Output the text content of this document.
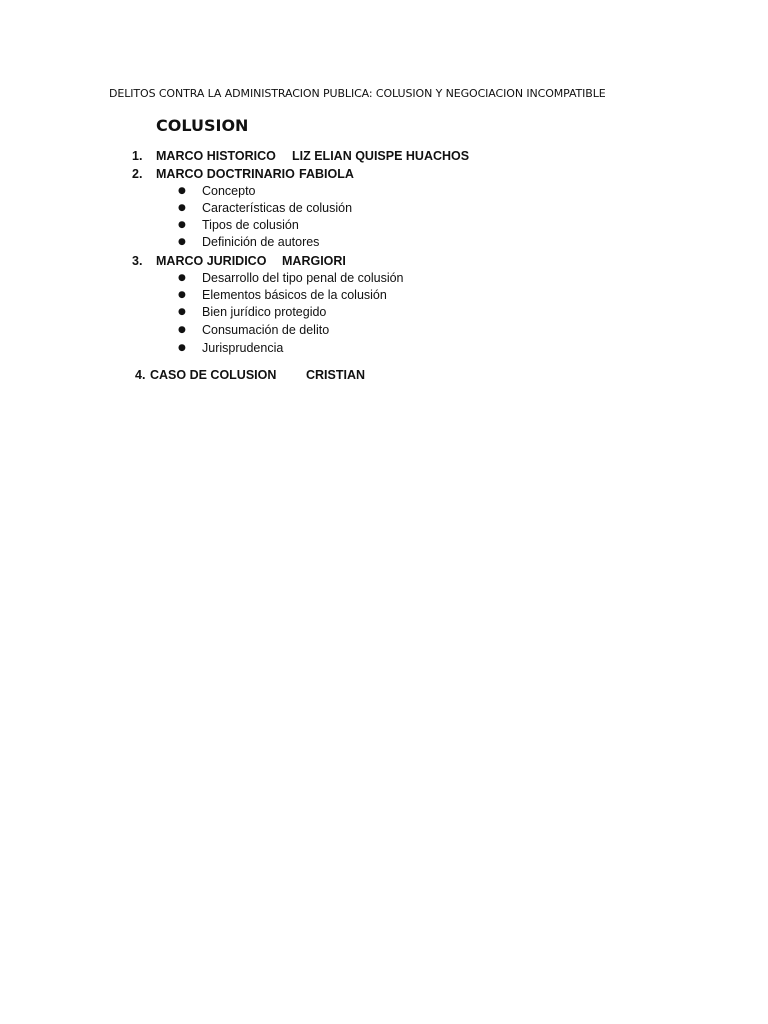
DELITOS CONTRA LA ADMINISTRACION PUBLICA: COLUSION Y NEGOCIACION INCOMPATIBLE
COLUSION
1. MARCO HISTORICO LIZ ELIAN QUISPE HUACHOS
2. MARCO DOCTRINARIO FABIOLA
● Concepto
● Características de colusión
● Tipos de colusión
● Definición de autores
3. MARCO JURIDICO MARGIORI
● Desarrollo del tipo penal de colusión
● Elementos básicos de la colusión
● Bien jurídico protegido
● Consumación de delito
● Jurisprudencia
4. CASO DE COLUSION CRISTIAN
